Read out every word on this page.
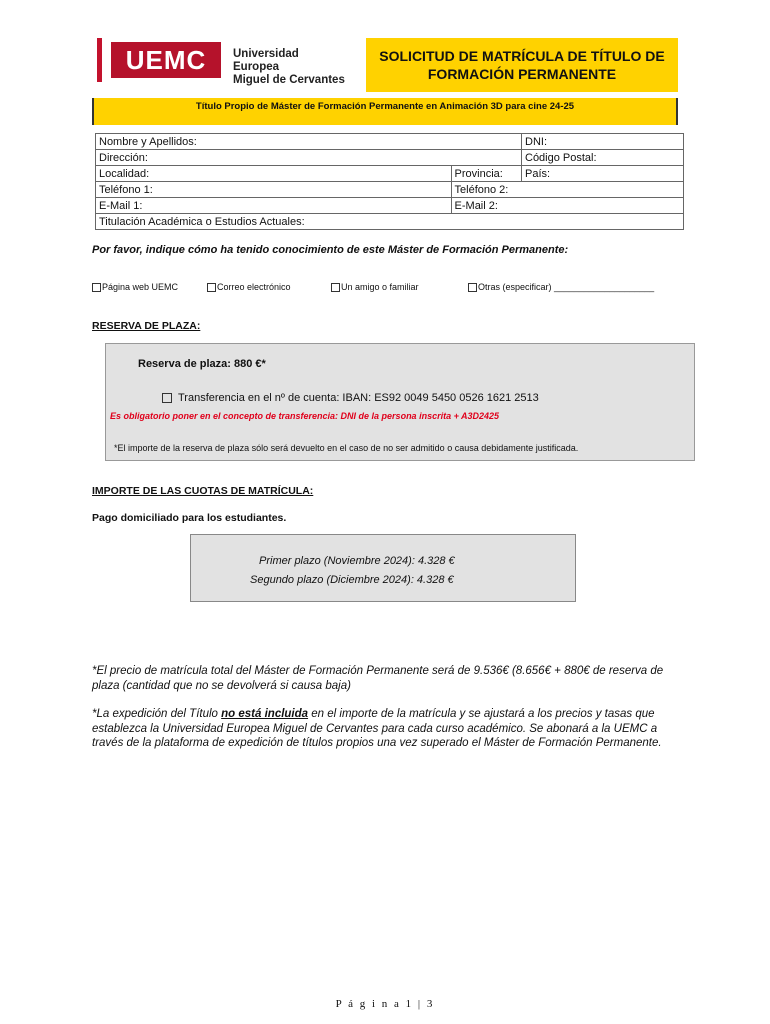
UEMC	Universidad Europea
Miguel de Cervantes
SOLICITUD DE MATRÍCULA DE TÍTULO DE FORMACIÓN PERMANENTE
Título Propio de Máster de Formación Permanente en Animación 3D para cine 24-25
Nombre y Apellidos:		DNI:
Dirección:		Código Postal:
Localidad:	Provincia:	País:
Teléfono 1:	Teléfono 2:	
E-Mail 1:	E-Mail 2:	
Titulación Académica o Estudios Actuales:		
Por favor, indique cómo ha tenido conocimiento de este Máster de Formación Permanente:
Página web UEMC	Correo electrónico	Un amigo o familiar	Otras (especificar) ____________________
RESERVA DE PLAZA:
Reserva de plaza: 880 €*
Transferencia en el nº de cuenta: IBAN: ES92 0049 5450 0526 1621 2513
Es obligatorio poner en el concepto de transferencia: DNI de la persona inscrita + A3D2425
*El importe de la reserva de plaza sólo será devuelto en el caso de no ser admitido o causa debidamente justificada.
IMPORTE DE LAS CUOTAS DE MATRÍCULA:
Pago domiciliado para los estudiantes.
Primer plazo (Noviembre 2024): 4.328 €
Segundo plazo (Diciembre 2024): 4.328 €
*El precio de matrícula total del Máster de Formación Permanente será de 9.536€ (8.656€ + 880€ de reserva de plaza (cantidad que no se devolverá si causa baja)
*La expedición del Título no está incluida en el importe de la matrícula y se ajustará a los precios y tasas que establezca la Universidad Europea Miguel de Cervantes para cada curso académico. Se abonará a la UEMC a través de la plataforma de expedición de títulos propios una vez superado el Máster de Formación Permanente.
P á g i n a 1 | 3
